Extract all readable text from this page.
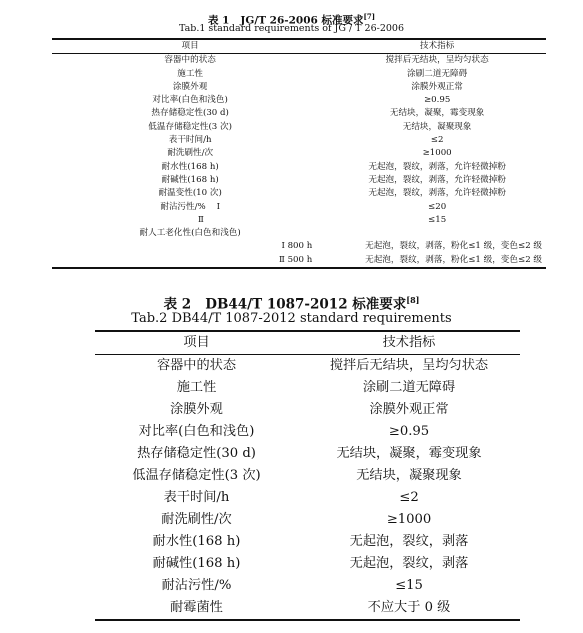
表 1 JG/T 26-2006 标准要求[7]
Tab.1 standard requirements of JG / T 26-2006
项目	技术指标
容器中的状态	搅拌后无结块，呈均匀状态
施工性	涂刷二道无障碍
涂膜外观	涂膜外观正常
对比率(白色和浅色)	≥0.95
热存储稳定性(30 d)	无结块，凝聚，霉变现象
低温存储稳定性(3 次)	无结块，凝聚现象
表干时间/h	≤2
耐洗刷性/次	≥1000
耐水性(168 h)	无起泡，裂纹，剥落，允许轻微掉粉
耐碱性(168 h)	无起泡，裂纹，剥落，允许轻微掉粉
耐温变性(10 次)	无起泡，裂纹，剥落，允许轻微掉粉
耐沾污性/%    Ⅰ	≤20
Ⅱ	≤15
耐人工老化性(白色和浅色)	
Ⅰ 800 h	无起泡，裂纹，剥落，粉化≤1 级，变色≤2 级
Ⅱ 500 h	无起泡，裂纹，剥落，粉化≤1 级，变色≤2 级
表 2 DB44/T 1087-2012 标准要求[8]
Tab.2 DB44/T 1087-2012 standard requirements
项目	技术指标
容器中的状态	搅拌后无结块，呈均匀状态
施工性	涂刷二道无障碍
涂膜外观	涂膜外观正常
对比率(白色和浅色)	≥0.95
热存储稳定性(30 d)	无结块，凝聚，霉变现象
低温存储稳定性(3 次)	无结块，凝聚现象
表干时间/h	≤2
耐洗刷性/次	≥1000
耐水性(168 h)	无起泡，裂纹，剥落
耐碱性(168 h)	无起泡，裂纹，剥落
耐沾污性/%	≤15
耐霉菌性	不应大于 0 级
